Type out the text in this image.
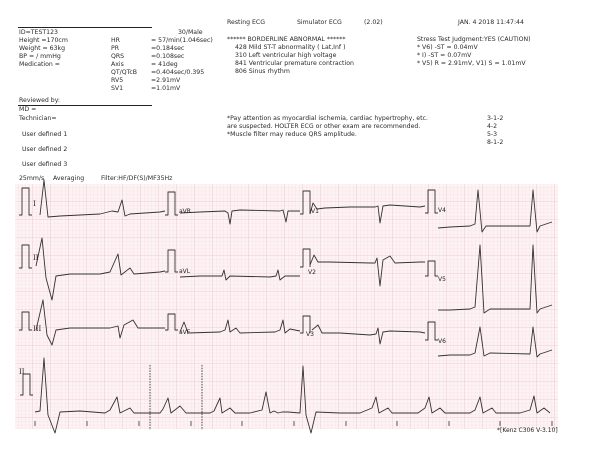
ID=TEST123	30/Male
Resting ECG	Simulator ECG	(2.02)	JAN. 4 2018 11:47:44
Height =170cm
Weight = 63kg
BP = / mmHg
Medication =
HR	= 57/min(1.046sec)
PR	=0.184sec
QRS	=0.108sec
Axis	= 41deg
QT/QTcB =0.404sec/0.395
RV5	=2.91mV
SV1	=1.01mV
****** BORDERLINE ABNORMAL ******
428 Mild ST-T abnormality ( Lat,Inf )
310 Left ventricular high voltage
841 Ventricular premature contraction
806 Sinus rhythm
Stress Test Judgment:YES (CAUTION)
* V6) -ST = 0.04mV
* I) -ST = 0.07mV
* V5) R = 2.91mV, V1) S = 1.01mV
Reviewed by:
MD =
Technician=
User defined 1
User defined 2
User defined 3
*Pay attention as myocardial ischemia, cardiac hypertrophy, etc.
are suspected. HOLTER ECG or other exam are recommended.
*Muscle filter may reduce QRS amplitude.
3-1-2
4-2
5-3
8-1-2
25mm/s Averaging	Filter:HF/DF(S)/MF35Hz
I
aVR	V1	V4
II
aVL	V2
V5
III	aVF	V3
V6
II
*[Kenz C306 V-3.10]
